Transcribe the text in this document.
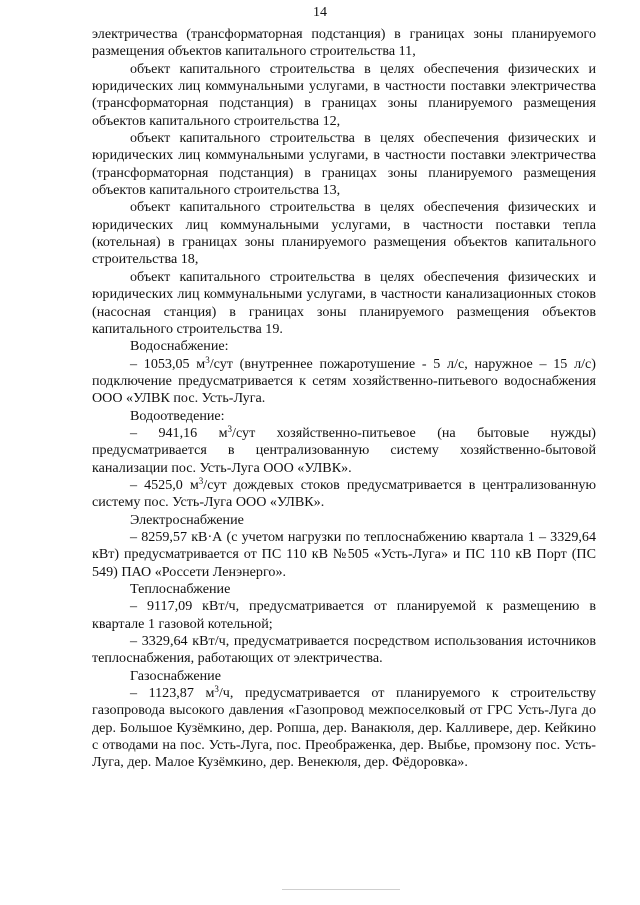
14

электричества (трансформаторная подстанция) в границах зоны планируемого размещения объектов капитального строительства 11,

объект капитального строительства в целях обеспечения физических и юридических лиц коммунальными услугами, в частности поставки электричества (трансформаторная подстанция) в границах зоны планируемого размещения объектов капитального строительства 12,

объект капитального строительства в целях обеспечения физических и юридических лиц коммунальными услугами, в частности поставки электричества (трансформаторная подстанция) в границах зоны планируемого размещения объектов капитального строительства 13,

объект капитального строительства в целях обеспечения физических и юридических лиц коммунальными услугами, в частности поставки тепла (котельная) в границах зоны планируемого размещения объектов капитального строительства 18,

объект капитального строительства в целях обеспечения физических и юридических лиц коммунальными услугами, в частности канализационных стоков (насосная станция) в границах зоны планируемого размещения объектов капитального строительства 19.

Водоснабжение:

– 1053,05 $м^3$/сут (внутреннее пожаротушение - 5 л/с, наружное – 15 л/с) подключение предусматривается к сетям хозяйственно-питьевого водоснабжения ООО «УЛВК пос. Усть-Луга.

Водоотведение:

– 941,16 $м^3$/сут хозяйственно-питьевое (на бытовые нужды) предусматривается в централизованную систему хозяйственно-бытовой канализации пос. Усть-Луга ООО «УЛВК».

– 4525,0 $м^3$/сут дождевых стоков предусматривается в централизованную систему пос. Усть-Луга ООО «УЛВК».

Электроснабжение

– 8259,57 кВ·А (с учетом нагрузки по теплоснабжению квартала 1 – 3329,64 кВт) предусматривается от ПС 110 кВ №505 «Усть-Луга» и ПС 110 кВ Порт (ПС 549) ПАО «Россети Ленэнерго».

Теплоснабжение

– 9117,09 кВт/ч, предусматривается от планируемой к размещению в квартале 1 газовой котельной;

– 3329,64 кВт/ч, предусматривается посредством использования источников теплоснабжения, работающих от электричества.

Газоснабжение

– 1123,87 $м^3/ч$, предусматривается от планируемого к строительству газопровода высокого давления «Газопровод межпоселковый от ГРС Усть-Луга до дер. Большое Кузёмкино, дер. Ропша, дер. Ванакюля, дер. Калливере, дер. Кейкино с отводами на пос. Усть-Луга, пос. Преображенка, дер. Выбье, промзону пос. Усть-Луга, дер. Малое Кузёмкино, дер. Венекюля, дер. Фёдоровка».
